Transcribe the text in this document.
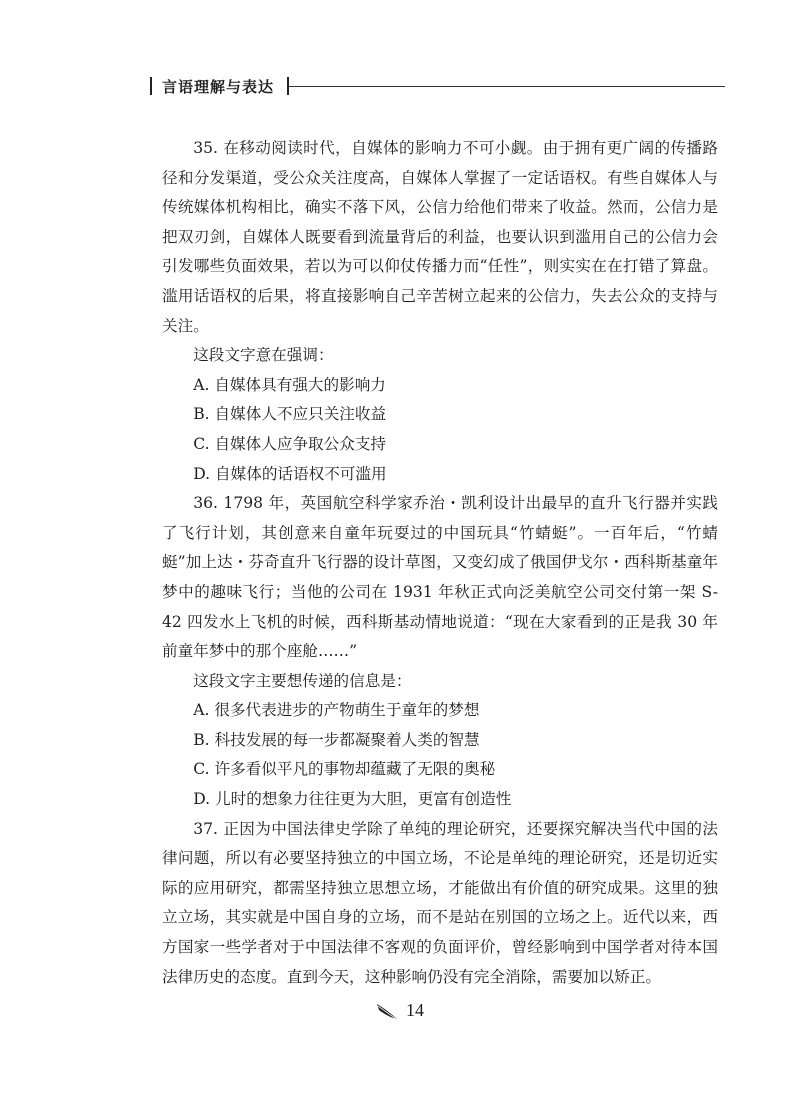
言语理解与表达

35. 在移动阅读时代，自媒体的影响力不可小觑。由于拥有更广阔的传播路径和分发渠道，受公众关注度高，自媒体人掌握了一定话语权。有些自媒体人与传统媒体机构相比，确实不落下风，公信力给他们带来了收益。然而，公信力是把双刃剑，自媒体人既要看到流量背后的利益，也要认识到滥用自己的公信力会引发哪些负面效果，若以为可以仰仗传播力而“任性”，则实实在在打错了算盘。滥用话语权的后果，将直接影响自己辛苦树立起来的公信力，失去公众的支持与关注。

这段文字意在强调：

A. 自媒体具有强大的影响力

B. 自媒体人不应只关注收益

C. 自媒体人应争取公众支持

D. 自媒体的话语权不可滥用

36. 1798 年，英国航空科学家乔治・凯利设计出最早的直升飞行器并实践了飞行计划，其创意来自童年玩耍过的中国玩具“竹蜻蜓”。一百年后，“竹蜻蜓”加上达・芬奇直升飞行器的设计草图，又变幻成了俄国伊戈尔・西科斯基童年梦中的趣味飞行；当他的公司在 1931 年秋正式向泛美航空公司交付第一架 S-42 四发水上飞机的时候，西科斯基动情地说道：“现在大家看到的正是我 30 年前童年梦中的那个座舱……”

这段文字主要想传递的信息是：

A. 很多代表进步的产物萌生于童年的梦想

B. 科技发展的每一步都凝聚着人类的智慧

C. 许多看似平凡的事物却蕴藏了无限的奥秘

D. 儿时的想象力往往更为大胆，更富有创造性

37. 正因为中国法律史学除了单纯的理论研究，还要探究解决当代中国的法律问题，所以有必要坚持独立的中国立场，不论是单纯的理论研究，还是切近实际的应用研究，都需坚持独立思想立场，才能做出有价值的研究成果。这里的独立立场，其实就是中国自身的立场，而不是站在别国的立场之上。近代以来，西方国家一些学者对于中国法律不客观的负面评价，曾经影响到中国学者对待本国法律历史的态度。直到今天，这种影响仍没有完全消除，需要加以矫正。

14
